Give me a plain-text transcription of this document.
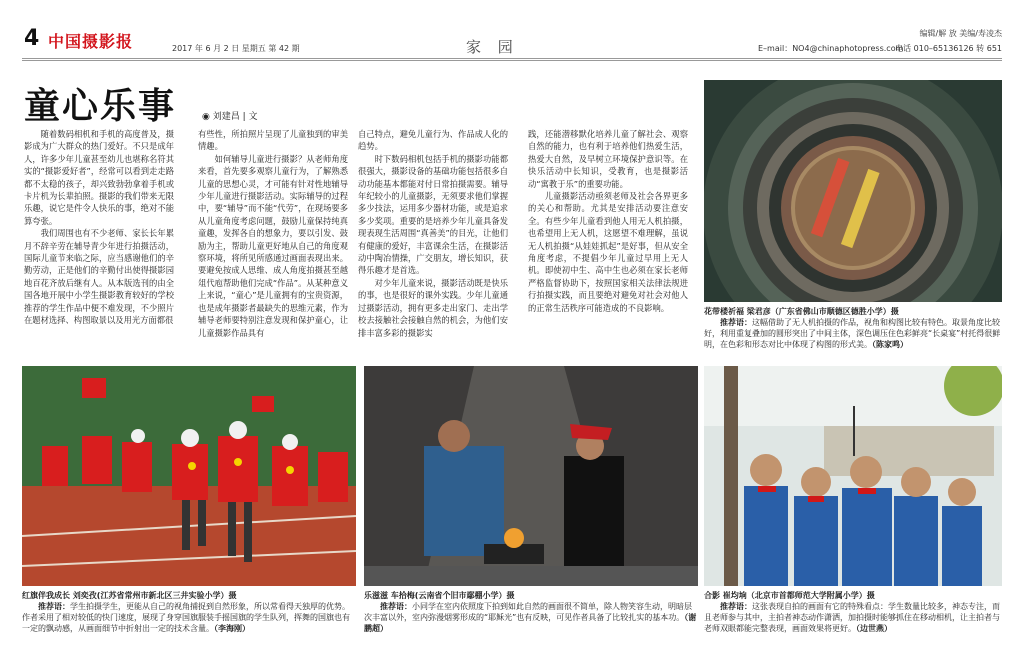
4 中国摄影报	2017 年 6 月 2 日 星期五 第 42 期	家 园
编辑/解 放 美编/寿凌杰
E–mail：NO4@chinaphotopress.com
电话 010–65136126 转 651
童心乐事	◉ 刘建昌 | 文

随着数码相机和手机的高度普及，摄影成为广大群众的热门爱好。不只是成年人，许多少年儿童甚至幼儿也堪称名符其实的“摄影爱好者”，经常可以看到走走路都不太稳的孩子，却兴致勃勃拿着手机或卡片机为长辈拍照。摄影的我们带来无限乐趣，说它是件令人快乐的事，绝对不能算夸张。

我们周围也有不少老师、家长长年累月不辞辛劳在辅导青少年进行拍摄活动，国际儿童节来临之际，应当感谢他们的辛勤劳动，正是他们的辛勤付出使得摄影园地百花齐放后继有人。从本版选刊的由全国各地开展中小学生摄影教育较好的学校推荐的学生作品中便不难发现，不少照片在题材选择、构图取景以及用光方面都很

有些性，所拍照片呈现了儿童独到的审美情趣。

如何辅导儿童进行摄影？从老师角度来看，首先要多观察儿童行为，了解熟悉儿童的思想心灵，才可能有针对性地辅导少年儿童进行摄影活动。实际辅导的过程中，要“辅导”而不能“代劳”，在现场要多从儿童角度考虑问题，鼓励儿童保持纯真童趣，发挥各自的想象力，要以引发、鼓励为主，帮助儿童更好地从自己的角度观察环境，将所见所感通过画面表现出来。要避免按成人思维、成人角度拍摄甚至越俎代庖帮助他们完成“作品”。从某种意义上来说，“童心”是儿童拥有的宝贵资源，也是成年摄影者最缺失的思维元素，作为辅导老师要特别注意发现和保护童心，让儿童摄影作品具有

自己特点，避免儿童行为、作品成人化的趋势。

时下数码相机包括手机的摄影功能都很强大，摄影设备的基础功能包括很多自动功能基本都能对付日常拍摄需要。辅导年纪较小的儿童摄影，无须要求他们掌握多少技法，运用多少器材功能，或是追求多少奖项。重要的是培养少年儿童具备发现表现生活周围“真善美”的目光，让他们有健康的爱好，丰富课余生活，在摄影活动中陶冶情操，广交朋友，增长知识，获得乐趣才是首选。

对少年儿童来说，摄影活动既是快乐的事，也是很好的课外实践。少年儿童通过摄影活动，拥有更多走出家门、走出学校去接触社会接触自然的机会，为他们安排丰富多彩的摄影实

践，还能潜移默化培养儿童了解社会、观察自然的能力，也有利于培养他们热爱生活，热爱大自然，及早树立环境保护意识等。在快乐活动中长知识，受教育，也是摄影活动“寓教于乐”的重要功能。

儿童摄影活动亟须老师及社会各界更多的关心和帮助。尤其是安排活动要注意安全。有些少年儿童看到他人用无人机拍摄，也希望用上无人机，这愿望不难理解，虽说无人机拍摄“从娃娃抓起”是好事，但从安全角度考虑，不提倡少年儿童过早用上无人机。即使初中生、高中生也必须在家长老师严格监督协助下，按照国家相关法律法规进行拍摄实践，而且要绝对避免对社会对他人的正常生活秩序可能造成的不良影响。	花带楼祈福 梁君彦（广东省佛山市顺德区德胜小学）摄
推荐语：这幅借助了无人机拍摄的作品，视角和构图比较有特色。取景角度比较好，利用重复叠加的圆形突出了中间主体，深色调压住色彩鲜亮“长桌宴”村托得很鲜明，在色彩和形态对比中体现了构图的形式美。（陈家鸣）
红旗伴我成长 刘奕孜(江苏省常州市新北区三井实验小学）摄
推荐语：学生拍摄学生，更能从自己的视角捕捉到自然形象，所以常看得天独厚的优势。作者采用了相对较低的快门速度，展现了身穿国旗服装手摇国旗的学生队列，挥舞的国旗也有一定的飘动感，从画面细节中折射出一定的技术含量。（李海刚）
乐滋滋 车拾梅(云南省个旧市鄢棚小学）摄
推荐语：小同学在室内依照度下拍到如此自然的画面很不简单，除人物笑容生动，明暗层次丰富以外，室内弥漫烟雾形成的“耶稣光”也有反映，可见作者具备了比较扎实的基本功。（谢鹏超）
合影 崔均垧（北京市首都师范大学附属小学）摄
推荐语：这张表现自拍的画面有它的特殊看点：学生数量比较多，神态专注，而且老师参与其中，主拍者神态动作潇洒，加拍摄时能够抓住在移动相机，让主拍者与老师双眼都能完整表现，画面效果将更好。（边世燕）
